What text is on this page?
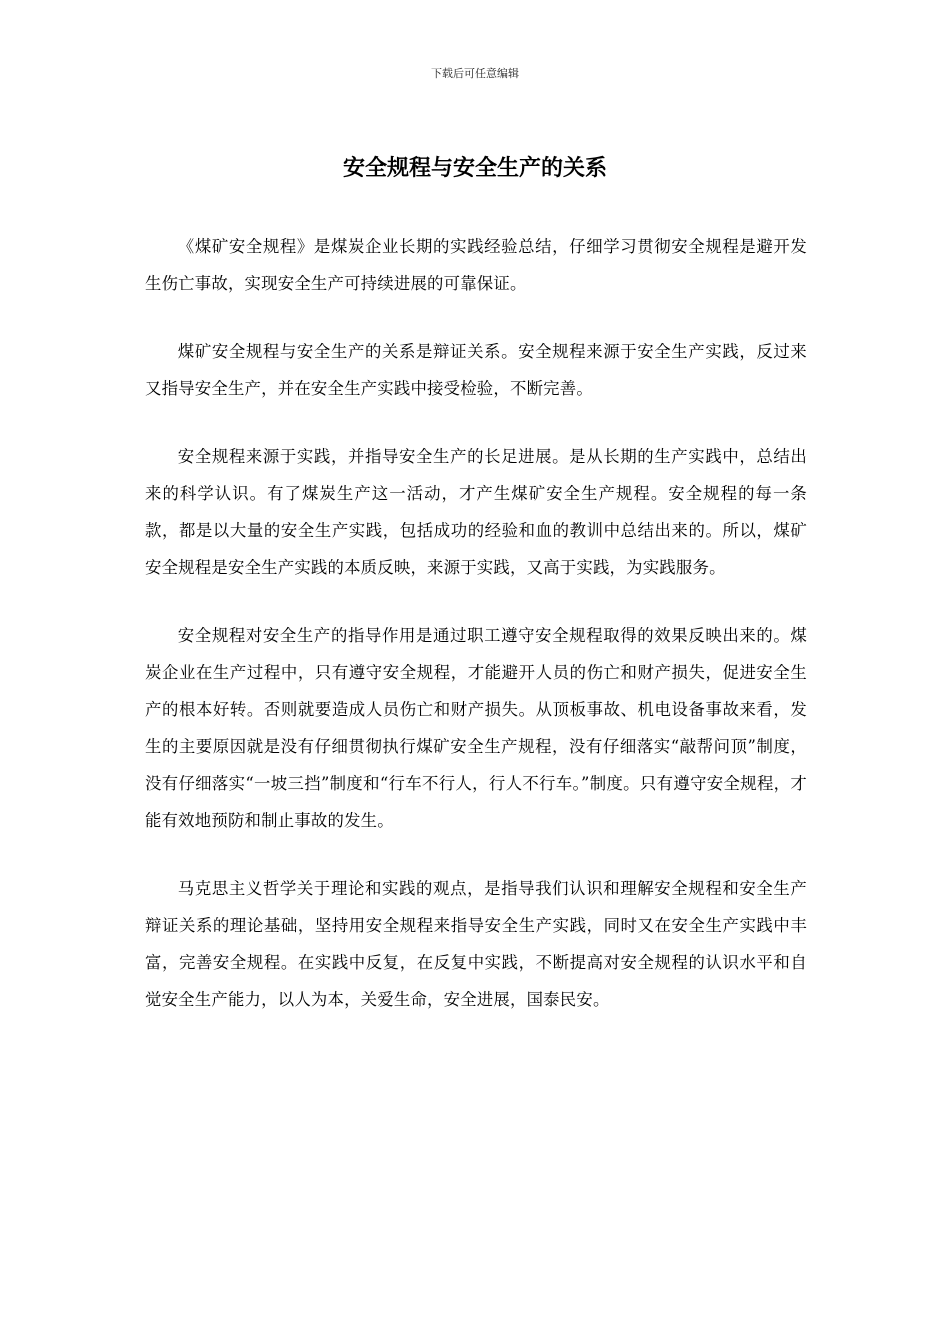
下载后可任意编辑
安全规程与安全生产的关系

《煤矿安全规程》是煤炭企业长期的实践经验总结，仔细学习贯彻安全规程是避开发生伤亡事故，实现安全生产可持续进展的可靠保证。

煤矿安全规程与安全生产的关系是辩证关系。安全规程来源于安全生产实践，反过来又指导安全生产，并在安全生产实践中接受检验，不断完善。

安全规程来源于实践，并指导安全生产的长足进展。是从长期的生产实践中，总结出来的科学认识。有了煤炭生产这一活动，才产生煤矿安全生产规程。安全规程的每一条款，都是以大量的安全生产实践，包括成功的经验和血的教训中总结出来的。所以，煤矿安全规程是安全生产实践的本质反映，来源于实践，又高于实践，为实践服务。

安全规程对安全生产的指导作用是通过职工遵守安全规程取得的效果反映出来的。煤炭企业在生产过程中，只有遵守安全规程，才能避开人员的伤亡和财产损失，促进安全生产的根本好转。否则就要造成人员伤亡和财产损失。从顶板事故、机电设备事故来看，发生的主要原因就是没有仔细贯彻执行煤矿安全生产规程，没有仔细落实“敲帮问顶”制度，没有仔细落实“一坡三挡”制度和“行车不行人，行人不行车。”制度。只有遵守安全规程，才能有效地预防和制止事故的发生。

马克思主义哲学关于理论和实践的观点，是指导我们认识和理解安全规程和安全生产辩证关系的理论基础，坚持用安全规程来指导安全生产实践，同时又在安全生产实践中丰富，完善安全规程。在实践中反复，在反复中实践，不断提高对安全规程的认识水平和自觉安全生产能力，以人为本，关爱生命，安全进展，国泰民安。
